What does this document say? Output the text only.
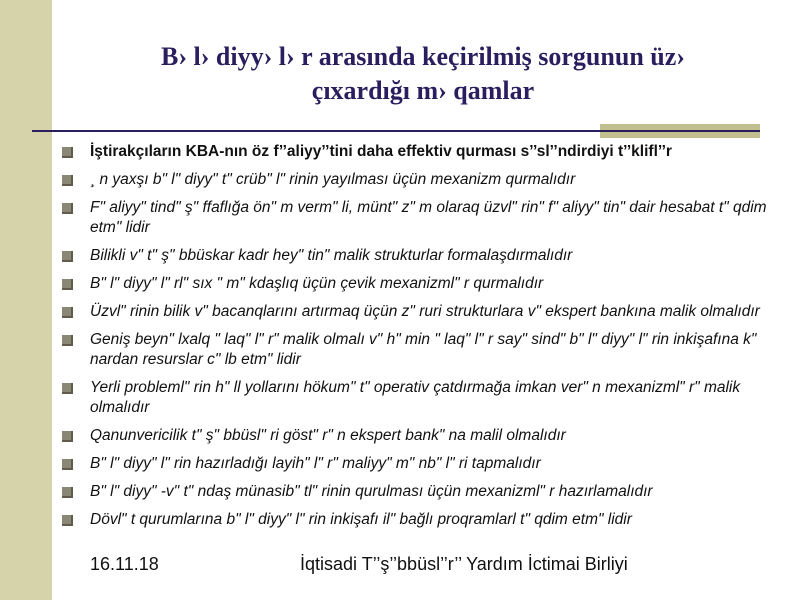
B› l› diyy› l› r arasında keçirilmiş sorgunun üz›
çıxardığı m› qamlar
İştirakçıların KBA-nın öz f’’aliyy’’tini daha effektiv qurması s’’sl’’ndirdiyi t’’klifl’’r
¸ n yaxşı b" l" diyy" t" crüb" l" rinin yayılması üçün mexanizm qurmalıdır
F" aliyy" tind" ş" ffaflığa ön" m verm" li, münt" z" m olaraq üzvl" rin" f" aliyy" tin" dair hesabat t" qdim etm" lidir
Bilikli v" t" ş" bbüskar kadr hey" tin" malik strukturlar formalaşdırmalıdır
B" l" diyy" l" rl" sıx " m" kdaşlıq üçün çevik mexanizml" r qurmalıdır
Üzvl" rinin bilik v" bacanqlarını artırmaq üçün z" ruri strukturlara v" ekspert bankına malik olmalıdır
Geniş beyn" lxalq " laq" l" r" malik olmalı v" h" min " laq" l" r say" sind" b" l" diyy" l" rin inkişafına k" nardan resurslar c" lb etm" lidir
Yerli probleml" rin h" ll yollarını hökum" t" operativ çatdırmağa imkan ver" n mexanizml" r" malik olmalıdır
Qanunvericilik t" ş" bbüsl" ri göst" r" n ekspert bank" na malil olmalıdır
B" l" diyy" l" rin hazırladığı layih" l" r" maliyy" m" nb" l" ri tapmalıdır
B" l" diyy" -v" t" ndaş münasib" tl" rinin qurulması üçün mexanizml" r hazırlamalıdır
Dövl" t qurumlarına b" l" diyy" l" rin inkişafı il" bağlı proqramlarl t" qdim etm" lidir
16.11.18	İqtisadi T’’ş’’bbüsl’’r’’ Yardım İctimai Birliyi
